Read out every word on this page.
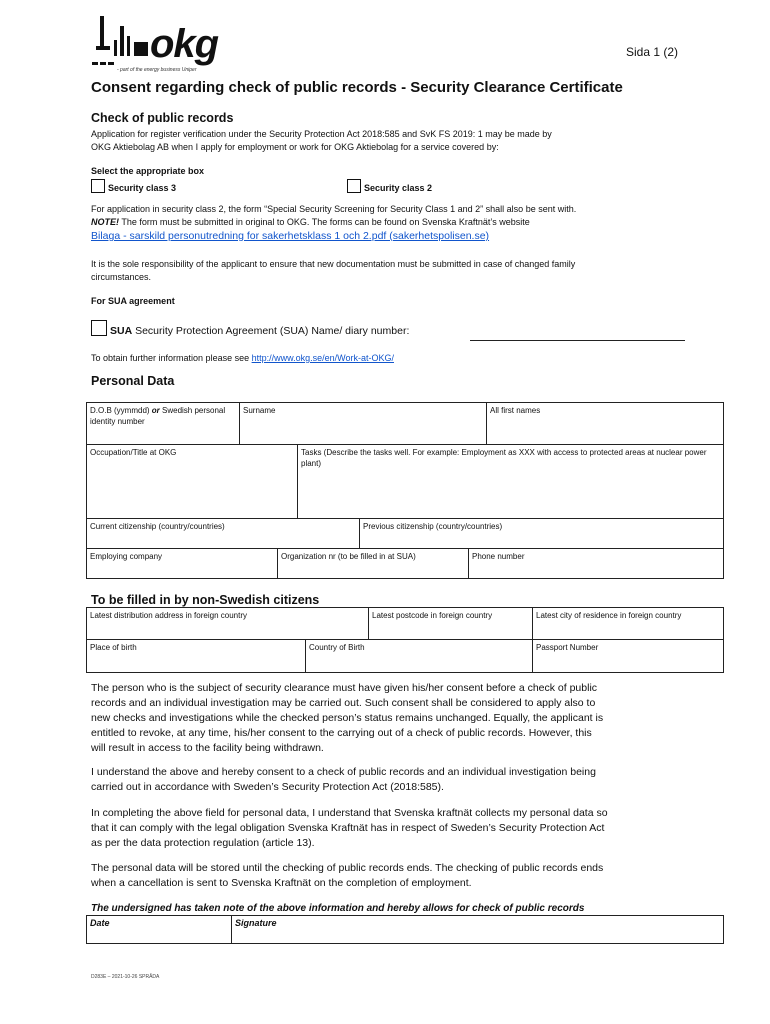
okg
- part of the energy business Uniper
Sida 1 (2)
Consent regarding check of public records - Security Clearance Certificate
Check of public records
Application for register verification under the Security Protection Act 2018:585 and SvK FS 2019: 1 may be made by
OKG Aktiebolag AB when I apply for employment or work for OKG Aktiebolag for a service covered by:
Select the appropriate box
Security class 3	Security class 2
For application in security class 2, the form “Special Security Screening for Security Class 1 and 2” shall also be sent with.
NOTE! The form must be submitted in original to OKG. The forms can be found on Svenska Kraftnät’s website
Bilaga - sarskild personutredning for sakerhetsklass 1 och 2.pdf (sakerhetspolisen.se)
It is the sole responsibility of the applicant to ensure that new documentation must be submitted in case of changed family
circumstances.
For SUA agreement
SUA Security Protection Agreement (SUA) Name/ diary number:
To obtain further information please see http://www.okg.se/en/Work-at-OKG/
Personal Data
D.O.B (yymmdd) or Swedish personal identity number	Surname	All first names
Occupation/Title at OKG	Tasks (Describe the tasks well. For example: Employment as XXX with access to protected areas at nuclear power plant)
Current citizenship (country/countries)	Previous citizenship (country/countries)
Employing company	Organization nr (to be filled in at SUA)	Phone number
To be filled in by non-Swedish citizens
Latest distribution address in foreign country	Latest postcode in foreign country	Latest city of residence in foreign country
Place of birth	Country of Birth	Passport Number
The person who is the subject of security clearance must have given his/her consent before a check of public
records and an individual investigation may be carried out. Such consent shall be considered to apply also to
new checks and investigations while the checked person’s status remains unchanged. Equally, the applicant is
entitled to revoke, at any time, his/her consent to the carrying out of a check of public records. However, this
will result in access to the facility being withdrawn.
I understand the above and hereby consent to a check of public records and an individual investigation being
carried out in accordance with Sweden’s Security Protection Act (2018:585).
In completing the above field for personal data, I understand that Svenska kraftnät collects my personal data so
that it can comply with the legal obligation Svenska Kraftnät has in respect of Sweden’s Security Protection Act
as per the data protection regulation (article 13).
The personal data will be stored until the checking of public records ends. The checking of public records ends
when a cancellation is sent to Svenska Kraftnät on the completion of employment.
The undersigned has taken note of the above information and hereby allows for check of public records
Date	Signature
D283E – 2021-10-26 SPRÅDA
